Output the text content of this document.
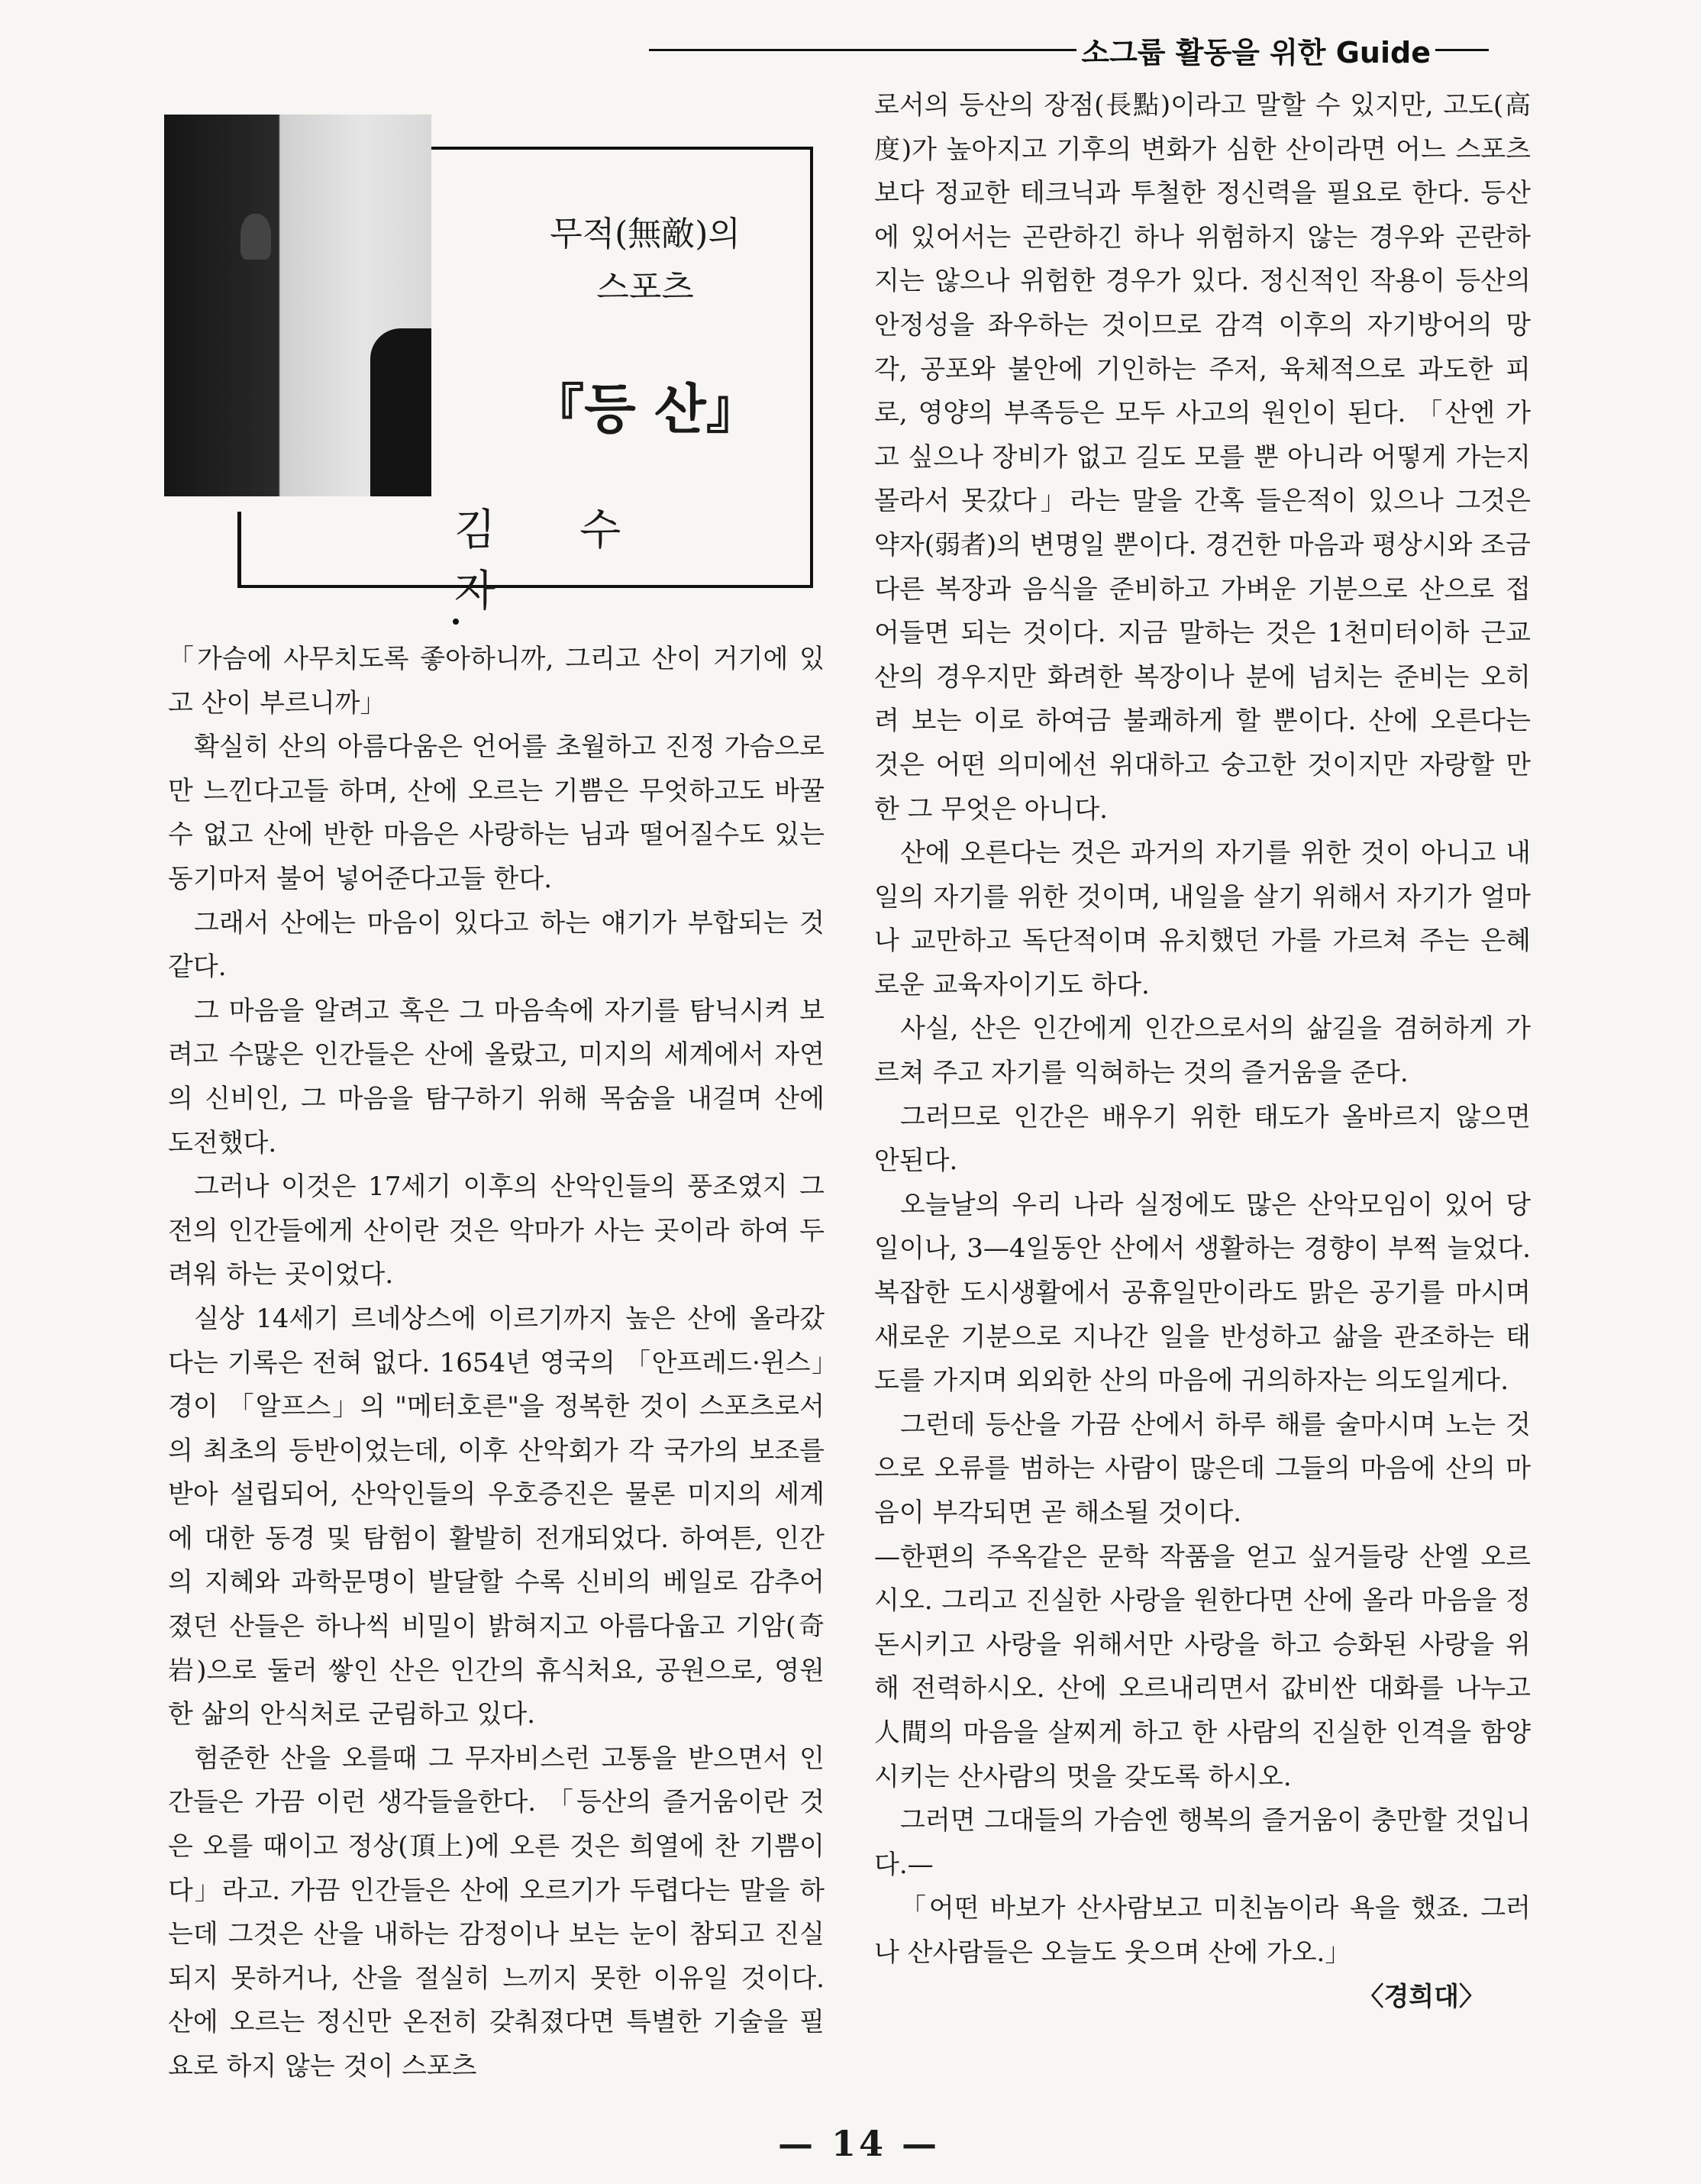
소그룹 활동을 위한 Guide
무적(無敵)의
스포츠
『등 산』
김수자

「가슴에 사무치도록 좋아하니까, 그리고 산이 거기에 있고 산이 부르니까」

확실히 산의 아름다움은 언어를 초월하고 진정 가슴으로만 느낀다고들 하며, 산에 오르는 기쁨은 무엇하고도 바꿀수 없고 산에 반한 마음은 사랑하는 님과 떨어질수도 있는 동기마저 불어 넣어준다고들 한다.

그래서 산에는 마음이 있다고 하는 얘기가 부합되는 것 같다.

그 마음을 알려고 혹은 그 마음속에 자기를 탐닉시켜 보려고 수많은 인간들은 산에 올랐고, 미지의 세계에서 자연의 신비인, 그 마음을 탐구하기 위해 목숨을 내걸며 산에 도전했다.

그러나 이것은 17세기 이후의 산악인들의 풍조였지 그 전의 인간들에게 산이란 것은 악마가 사는 곳이라 하여 두려워 하는 곳이었다.

실상 14세기 르네상스에 이르기까지 높은 산에 올라갔다는 기록은 전혀 없다. 1654년 영국의 「안프레드·윈스」경이 「알프스」의 "메터호른"을 정복한 것이 스포츠로서의 최초의 등반이었는데, 이후 산악회가 각 국가의 보조를 받아 설립되어, 산악인들의 우호증진은 물론 미지의 세계에 대한 동경 및 탐험이 활발히 전개되었다. 하여튼, 인간의 지혜와 과학문명이 발달할 수록 신비의 베일로 감추어졌던 산들은 하나씩 비밀이 밝혀지고 아름다웁고 기암(奇岩)으로 둘러 쌓인 산은 인간의 휴식처요, 공원으로, 영원한 삶의 안식처로 군림하고 있다.

험준한 산을 오를때 그 무자비스런 고통을 받으면서 인간들은 가끔 이런 생각들을한다. 「등산의 즐거움이란 것은 오를 때이고 정상(頂上)에 오른 것은 희열에 찬 기쁨이다」라고. 가끔 인간들은 산에 오르기가 두렵다는 말을 하는데 그것은 산을 내하는 감정이나 보는 눈이 참되고 진실되지 못하거나, 산을 절실히 느끼지 못한 이유일 것이다. 산에 오르는 정신만 온전히 갖춰졌다면 특별한 기술을 필요로 하지 않는 것이 스포츠

로서의 등산의 장점(長點)이라고 말할 수 있지만, 고도(高度)가 높아지고 기후의 변화가 심한 산이라면 어느 스포츠보다 정교한 테크닉과 투철한 정신력을 필요로 한다. 등산에 있어서는 곤란하긴 하나 위험하지 않는 경우와 곤란하지는 않으나 위험한 경우가 있다. 정신적인 작용이 등산의 안정성을 좌우하는 것이므로 감격 이후의 자기방어의 망각, 공포와 불안에 기인하는 주저, 육체적으로 과도한 피로, 영양의 부족등은 모두 사고의 원인이 된다. 「산엔 가고 싶으나 장비가 없고 길도 모를 뿐 아니라 어떻게 가는지 몰라서 못갔다」라는 말을 간혹 들은적이 있으나 그것은 약자(弱者)의 변명일 뿐이다. 경건한 마음과 평상시와 조금 다른 복장과 음식을 준비하고 가벼운 기분으로 산으로 접어들면 되는 것이다. 지금 말하는 것은 1천미터이하 근교산의 경우지만 화려한 복장이나 분에 넘치는 준비는 오히려 보는 이로 하여금 불쾌하게 할 뿐이다. 산에 오른다는 것은 어떤 의미에선 위대하고 숭고한 것이지만 자랑할 만한 그 무엇은 아니다.

산에 오른다는 것은 과거의 자기를 위한 것이 아니고 내일의 자기를 위한 것이며, 내일을 살기 위해서 자기가 얼마나 교만하고 독단적이며 유치했던 가를 가르쳐 주는 은혜로운 교육자이기도 하다.

사실, 산은 인간에게 인간으로서의 삶길을 겸허하게 가르쳐 주고 자기를 익혀하는 것의 즐거움을 준다.

그러므로 인간은 배우기 위한 태도가 올바르지 않으면 안된다.

오늘날의 우리 나라 실정에도 많은 산악모임이 있어 당일이나, 3—4일동안 산에서 생활하는 경향이 부쩍 늘었다. 복잡한 도시생활에서 공휴일만이라도 맑은 공기를 마시며 새로운 기분으로 지나간 일을 반성하고 삶을 관조하는 태도를 가지며 외외한 산의 마음에 귀의하자는 의도일게다.

그런데 등산을 가끔 산에서 하루 해를 술마시며 노는 것으로 오류를 범하는 사람이 많은데 그들의 마음에 산의 마음이 부각되면 곧 해소될 것이다.

—한편의 주옥같은 문학 작품을 얻고 싶거들랑 산엘 오르시오. 그리고 진실한 사랑을 원한다면 산에 올라 마음을 정돈시키고 사랑을 위해서만 사랑을 하고 승화된 사랑을 위해 전력하시오. 산에 오르내리면서 값비싼 대화를 나누고 人間의 마음을 살찌게 하고 한 사람의 진실한 인격을 함양시키는 산사람의 멋을 갖도록 하시오.

그러면 그대들의 가슴엔 행복의 즐거움이 충만할 것입니다.—

「어떤 바보가 산사람보고 미친놈이라 욕을 했죠. 그러나 산사람들은 오늘도 웃으며 산에 가오.」

〈경희대〉

— 14 —
